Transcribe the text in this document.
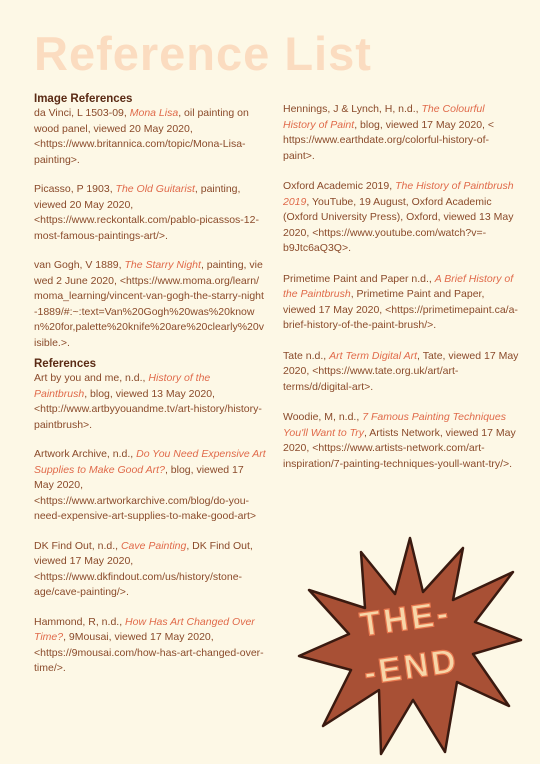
Reference List

Image References

da Vinci, L 1503-09, Mona Lisa, oil painting on wood panel, viewed 20 May 2020, <https://www.britannica.com/topic/Mona-Lisa-painting>.

Picasso, P 1903, The Old Guitarist, painting, viewed 20 May 2020, <https://www.reckontalk.com/pablo-picassos-12-most-famous-paintings-art/>.

van Gogh, V 1889, The Starry Night, painting, viewed 2 June 2020, <https://www.moma.org/learn/moma_learning/vincent-van-gogh-the-starry-night-1889/#:~:text=Van%20Gogh%20was%20known%20for,palette%20knife%20are%20clearly%20visible.>.

References

Art by you and me, n.d., History of the Paintbrush, blog, viewed 13 May 2020, <http://www.artbyyouandme.tv/art-history/history-paintbrush>.

Artwork Archive, n.d., Do You Need Expensive Art Supplies to Make Good Art?, blog, viewed 17 May 2020, <https://www.artworkarchive.com/blog/do-you-need-expensive-art-supplies-to-make-good-art>

DK Find Out, n.d., Cave Painting, DK Find Out, viewed 17 May 2020, <https://www.dkfindout.com/us/history/stone-age/cave-painting/>.

Hammond, R, n.d., How Has Art Changed Over Time?, 9Mousai, viewed 17 May 2020, <https://9mousai.com/how-has-art-changed-over-time/>.

Hennings, J & Lynch, H, n.d., The Colourful History of Paint, blog, viewed 17 May 2020, < https://www.earthdate.org/colorful-history-of-paint>.

Oxford Academic 2019, The History of Paintbrush 2019, YouTube, 19 August, Oxford Academic (Oxford University Press), Oxford, viewed 13 May 2020, <https://www.youtube.com/watch?v=-b9Jtc6aQ3Q>.

Primetime Paint and Paper n.d., A Brief History of the Paintbrush, Primetime Paint and Paper, viewed 17 May 2020, <https://primetimepaint.ca/a-brief-history-of-the-paint-brush/>.

Tate n.d., Art Term Digital Art, Tate, viewed 17 May 2020, <https://www.tate.org.uk/art/art-terms/d/digital-art>.

Woodie, M, n.d., 7 Famous Painting Techniques You'll Want to Try, Artists Network, viewed 17 May 2020, <https://www.artists-network.com/art-inspiration/7-painting-techniques-youll-want-try/>.

THE-
-END
